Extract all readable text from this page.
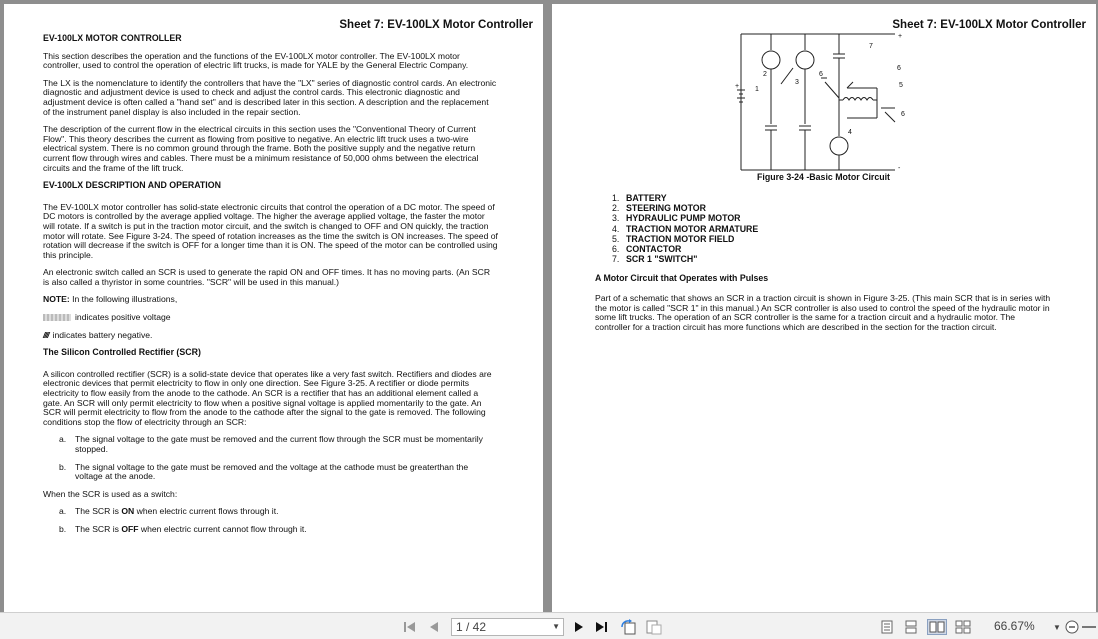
Sheet 7: EV-100LX Motor Controller
EV-100LX MOTOR CONTROLLER
This section describes the operation and the functions of the EV-100LX motor controller. The EV-100LX motor controller, used to control the operation of electric lift trucks, is made for YALE by the General Electric Company.
The LX is the nomenclature to identify the controllers that have the "LX" series of diagnostic control cards. An electronic diagnostic and adjustment device is used to check and adjust the control cards. This electronic diagnostic and adjustment device is often called a "hand set" and is described later in this section. A description and the replacement of the instrument panel display is also included in the repair section.
The description of the current flow in the electrical circuits in this section uses the "Conventional Theory of Current Flow". This theory describes the current as flowing from positive to negative. An electric lift truck uses a two-wire electrical system. There is no common ground through the frame. Both the positive supply and the negative return current flow through wires and cables. There must be a minimum resistance of 50,000 ohms between the electrical circuits and the frame of the lift truck.
EV-100LX DESCRIPTION AND OPERATION
The EV-100LX motor controller has solid-state electronic circuits that control the operation of a DC motor. The speed of DC motors is controlled by the average applied voltage. The higher the average applied voltage, the faster the motor will rotate. If a switch is put in the traction motor circuit, and the switch is changed to OFF and ON quickly, the traction motor will rotate. See Figure 3-24. The speed of rotation increases as the time the switch is ON increases. The speed of rotation will decrease if the switch is OFF for a longer time than it is ON. The speed of the motor can be controlled using this principle.
An electronic switch called an SCR is used to generate the rapid ON and OFF times. It has no moving parts. (An SCR is also called a thyristor in some countries. "SCR" will be used in this manual.)
NOTE: In the following illustrations,
indicates positive voltage
//// indicates battery negative.
The Silicon Controlled Rectifier (SCR)
A silicon controlled rectifier (SCR) is a solid-state device that operates like a very fast switch. Rectifiers and diodes are electronic devices that permit electricity to flow in only one direction. See Figure 3-25. A rectifier or diode permits electricity to flow easily from the anode to the cathode. An SCR is a rectifier that has an additional element called a gate. An SCR will only permit electricity to flow when a positive signal voltage is applied momentarily to the gate. An SCR will permit electricity to flow from the anode to the cathode after the signal to the gate is removed. The following conditions stop the flow of electricity through an SCR:
a. The signal voltage to the gate must be removed and the current flow through the SCR must be momentarily stopped.
b. The signal voltage to the gate must be removed and the voltage at the cathode must be greaterthan the voltage at the anode.
When the SCR is used as a switch:
a. The SCR is ON when electric current flows through it.
b. The SCR is OFF when electric current cannot flow through it.
Sheet 7: EV-100LX Motor Controller
1
2
3
4
5
6
6
6
7
+
+
-
Figure 3-24 -Basic Motor Circuit
1. BATTERY
2. STEERING MOTOR
3. HYDRAULIC PUMP MOTOR
4. TRACTION MOTOR ARMATURE
5. TRACTION MOTOR FIELD
6. CONTACTOR
7. SCR 1 "SWITCH"
A Motor Circuit that Operates with Pulses
Part of a schematic that shows an SCR in a traction circuit is shown in Figure 3-25. (This main SCR that is in series with the motor is called "SCR 1" in this manual.) An SCR controller is also used to control the speed of the hydraulic motor in some lift trucks. The operation of an SCR controller is the same for a traction circuit and a hydraulic motor. The controller for a traction circuit has more functions which are described in the section for the traction circuit.
1 / 42	▼	66.67% ▼
